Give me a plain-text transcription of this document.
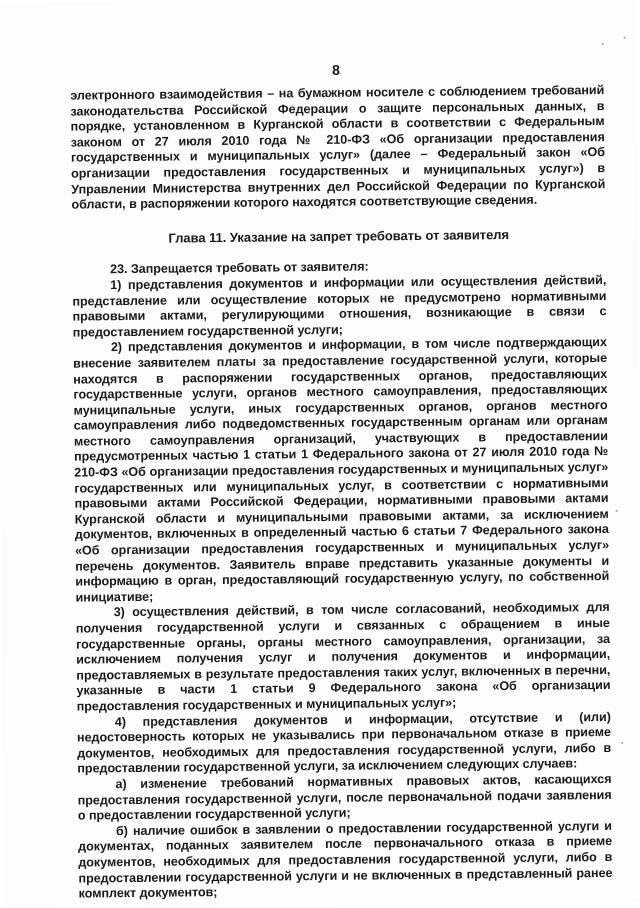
8

электронного взаимодействия – на бумажном носителе с соблюдением требований законодательства Российской Федерации о защите персональных данных, в порядке, установленном в Курганской области в соответствии с Федеральным законом от 27 июля 2010 года № 210-ФЗ «Об организации предоставления государственных и муниципальных услуг» (далее – Федеральный закон «Об организации предоставления государственных и муниципальных услуг») в Управлении Министерства внутренних дел Российской Федерации по Курганской области, в распоряжении которого находятся соответствующие сведения.

Глава 11. Указание на запрет требовать от заявителя

23. Запрещается требовать от заявителя:

1) представления документов и информации или осуществления действий, представление или осуществление которых не предусмотрено нормативными правовыми актами, регулирующими отношения, возникающие в связи с предоставлением государственной услуги;

2) представления документов и информации, в том числе подтверждающих внесение заявителем платы за предоставление государственной услуги, которые находятся в распоряжении государственных органов, предоставляющих государственные услуги, органов местного самоуправления, предоставляющих муниципальные услуги, иных государственных органов, органов местного самоуправления либо подведомственных государственным органам или органам местного самоуправления организаций, участвующих в предоставлении предусмотренных частью 1 статьи 1 Федерального закона от 27 июля 2010 года № 210-ФЗ «Об организации предоставления государственных и муниципальных услуг» государственных или муниципальных услуг, в соответствии с нормативными правовыми актами Российской Федерации, нормативными правовыми актами Курганской области и муниципальными правовыми актами, за исключением документов, включенных в определенный частью 6 статьи 7 Федерального закона «Об организации предоставления государственных и муниципальных услуг» перечень документов. Заявитель вправе представить указанные документы и информацию в орган, предоставляющий государственную услугу, по собственной инициативе;

3) осуществления действий, в том числе согласований, необходимых для получения государственной услуги и связанных с обращением в иные государственные органы, органы местного самоуправления, организации, за исключением получения услуг и получения документов и информации, предоставляемых в результате предоставления таких услуг, включенных в перечни, указанные в части 1 статьи 9 Федерального закона «Об организации предоставления государственных и муниципальных услуг»;

4) представления документов и информации, отсутствие и (или) недостоверность которых не указывались при первоначальном отказе в приеме документов, необходимых для предоставления государственной услуги, либо в предоставлении государственной услуги, за исключением следующих случаев:

а) изменение требований нормативных правовых актов, касающихся предоставления государственной услуги, после первоначальной подачи заявления о предоставлении государственной услуги;

б) наличие ошибок в заявлении о предоставлении государственной услуги и документах, поданных заявителем после первоначального отказа в приеме документов, необходимых для предоставления государственной услуги, либо в предоставлении государственной услуги и не включенных в представленный ранее комплект документов;
